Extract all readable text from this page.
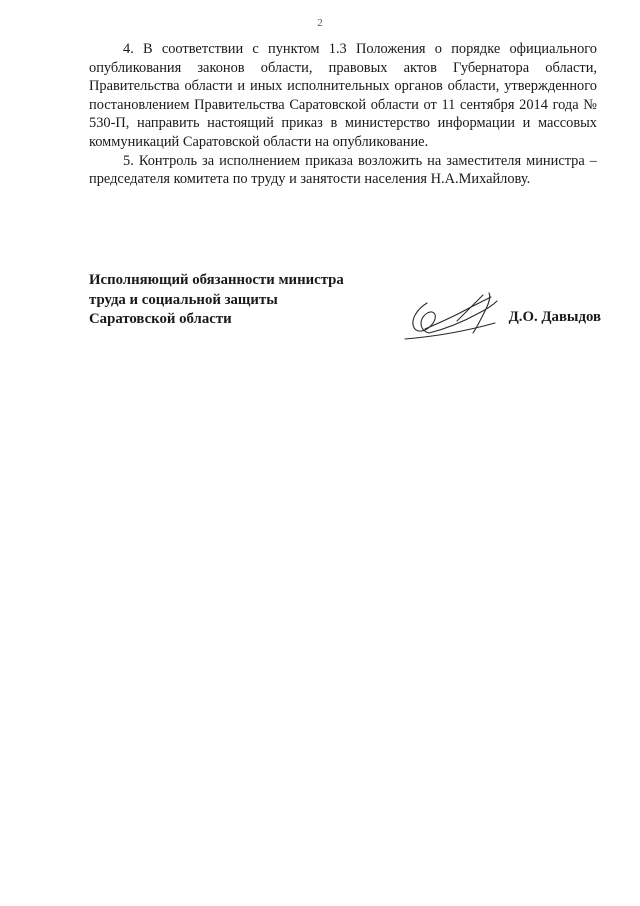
2

4. В соответствии с пунктом 1.3 Положения о порядке официального опубликования законов области, правовых актов Губернатора области, Правительства области и иных исполнительных органов области, утвержденного постановлением Правительства Саратовской области от 11 сентября 2014 года № 530-П, направить настоящий приказ в министерство информации и массовых коммуникаций Саратовской области на опубликование.

5. Контроль за исполнением приказа возложить на заместителя министра – председателя комитета по труду и занятости населения Н.А.Михайлову.

Исполняющий обязанности министра
труда и социальной защиты
Саратовской области	Д.О. Давыдов
